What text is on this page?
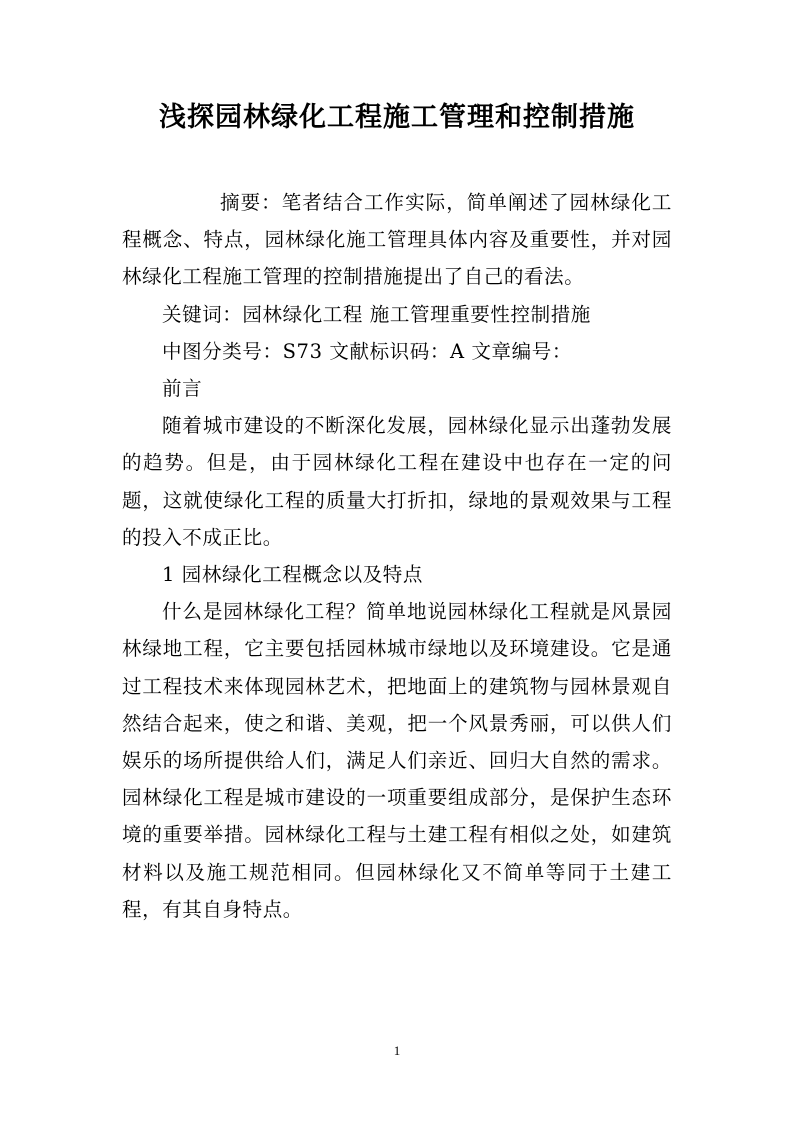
浅探园林绿化工程施工管理和控制措施

摘要：笔者结合工作实际，简单阐述了园林绿化工程概念、特点，园林绿化施工管理具体内容及重要性，并对园林绿化工程施工管理的控制措施提出了自己的看法。

关键词：园林绿化工程 施工管理重要性控制措施

中图分类号：S73 文献标识码：A 文章编号：

前言

随着城市建设的不断深化发展，园林绿化显示出蓬勃发展的趋势。但是，由于园林绿化工程在建设中也存在一定的问题，这就使绿化工程的质量大打折扣，绿地的景观效果与工程的投入不成正比。

1 园林绿化工程概念以及特点

什么是园林绿化工程？简单地说园林绿化工程就是风景园林绿地工程，它主要包括园林城市绿地以及环境建设。它是通过工程技术来体现园林艺术，把地面上的建筑物与园林景观自然结合起来，使之和谐、美观，把一个风景秀丽，可以供人们娱乐的场所提供给人们，满足人们亲近、回归大自然的需求。园林绿化工程是城市建设的一项重要组成部分，是保护生态环境的重要举措。园林绿化工程与土建工程有相似之处，如建筑材料以及施工规范相同。但园林绿化又不简单等同于土建工程，有其自身特点。

1
